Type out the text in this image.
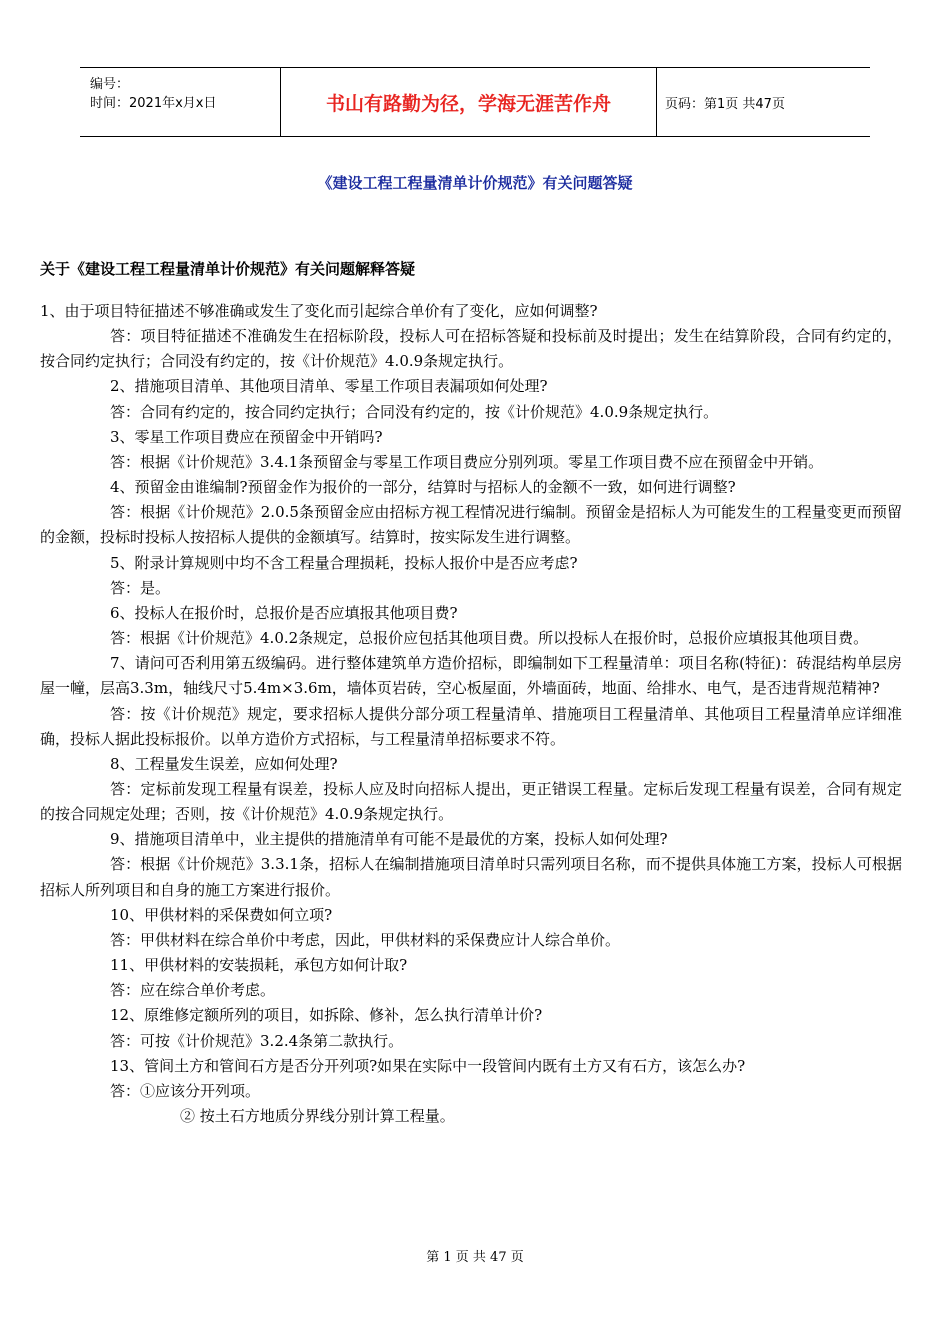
编号：
时间：2021年x月x日	书山有路勤为径，学海无涯苦作舟	页码：第1页 共47页
《建设工程工程量清单计价规范》有关问题答疑
关于《建设工程工程量清单计价规范》有关问题解释答疑

1、由于项目特征描述不够准确或发生了变化而引起综合单价有了变化，应如何调整?

答：项目特征描述不准确发生在招标阶段，投标人可在招标答疑和投标前及时提出；发生在结算阶段，合同有约定的，按合同约定执行；合同没有约定的，按《计价规范》4.0.9条规定执行。

2、措施项目清单、其他项目清单、零星工作项目表漏项如何处理?

答：合同有约定的，按合同约定执行；合同没有约定的，按《计价规范》4.0.9条规定执行。

3、零星工作项目费应在预留金中开销吗?

答：根据《计价规范》3.4.1条预留金与零星工作项目费应分别列项。零星工作项目费不应在预留金中开销。

4、预留金由谁编制?预留金作为报价的一部分，结算时与招标人的金额不一致，如何进行调整?

答：根据《计价规范》2.0.5条预留金应由招标方视工程情况进行编制。预留金是招标人为可能发生的工程量变更而预留的金额，投标时投标人按招标人提供的金额填写。结算时，按实际发生进行调整。

5、附录计算规则中均不含工程量合理损耗，投标人报价中是否应考虑?

答：是。

6、投标人在报价时，总报价是否应填报其他项目费?

答：根据《计价规范》4.0.2条规定，总报价应包括其他项目费。所以投标人在报价时，总报价应填报其他项目费。

7、请问可否利用第五级编码。进行整体建筑单方造价招标，即编制如下工程量清单：项目名称(特征)：砖混结构单层房屋一幢，层高3.3m，轴线尺寸5.4m×3.6m，墙体页岩砖，空心板屋面，外墙面砖，地面、给排水、电气，是否违背规范精神?

答：按《计价规范》规定，要求招标人提供分部分项工程量清单、措施项目工程量清单、其他项目工程量清单应详细准确，投标人据此投标报价。以单方造价方式招标，与工程量清单招标要求不符。

8、工程量发生误差，应如何处理?

答：定标前发现工程量有误差，投标人应及时向招标人提出，更正错误工程量。定标后发现工程量有误差，合同有规定的按合同规定处理；否则，按《计价规范》4.0.9条规定执行。

9、措施项目清单中，业主提供的措施清单有可能不是最优的方案，投标人如何处理?

答：根据《计价规范》3.3.1条，招标人在编制措施项目清单时只需列项目名称，而不提供具体施工方案，投标人可根据招标人所列项目和自身的施工方案进行报价。

10、甲供材料的采保费如何立项?

答：甲供材料在综合单价中考虑，因此，甲供材料的采保费应计人综合单价。

11、甲供材料的安装损耗，承包方如何计取?

答：应在综合单价考虑。

12、原维修定额所列的项目，如拆除、修补，怎么执行清单计价?

答：可按《计价规范》3.2.4条第二款执行。

13、管间土方和管间石方是否分开列项?如果在实际中一段管间内既有土方又有石方，该怎么办?

答：①应该分开列项。

② 按土石方地质分界线分别计算工程量。

第 1 页 共 47 页
